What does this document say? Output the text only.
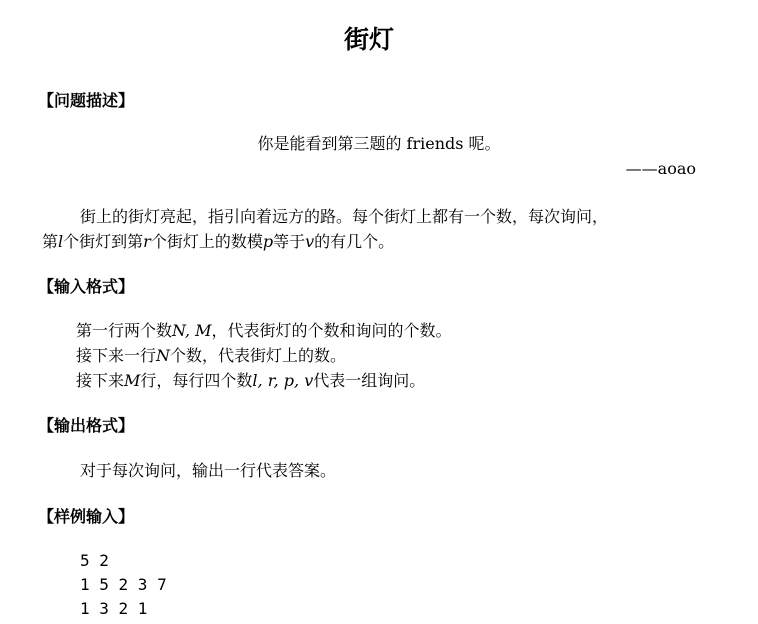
街灯
【问题描述】
你是能看到第三题的 friends 呢。
——aoao
街上的街灯亮起，指引向着远方的路。每个街灯上都有一个数，每次询问，
第l个街灯到第r个街灯上的数模p等于v的有几个。
【输入格式】
第一行两个数N, M，代表街灯的个数和询问的个数。
接下来一行N个数，代表街灯上的数。
接下来M行，每行四个数l, r, p, v代表一组询问。
【输出格式】
对于每次询问，输出一行代表答案。
【样例输入】
5 2
1 5 2 3 7
1 3 2 1
